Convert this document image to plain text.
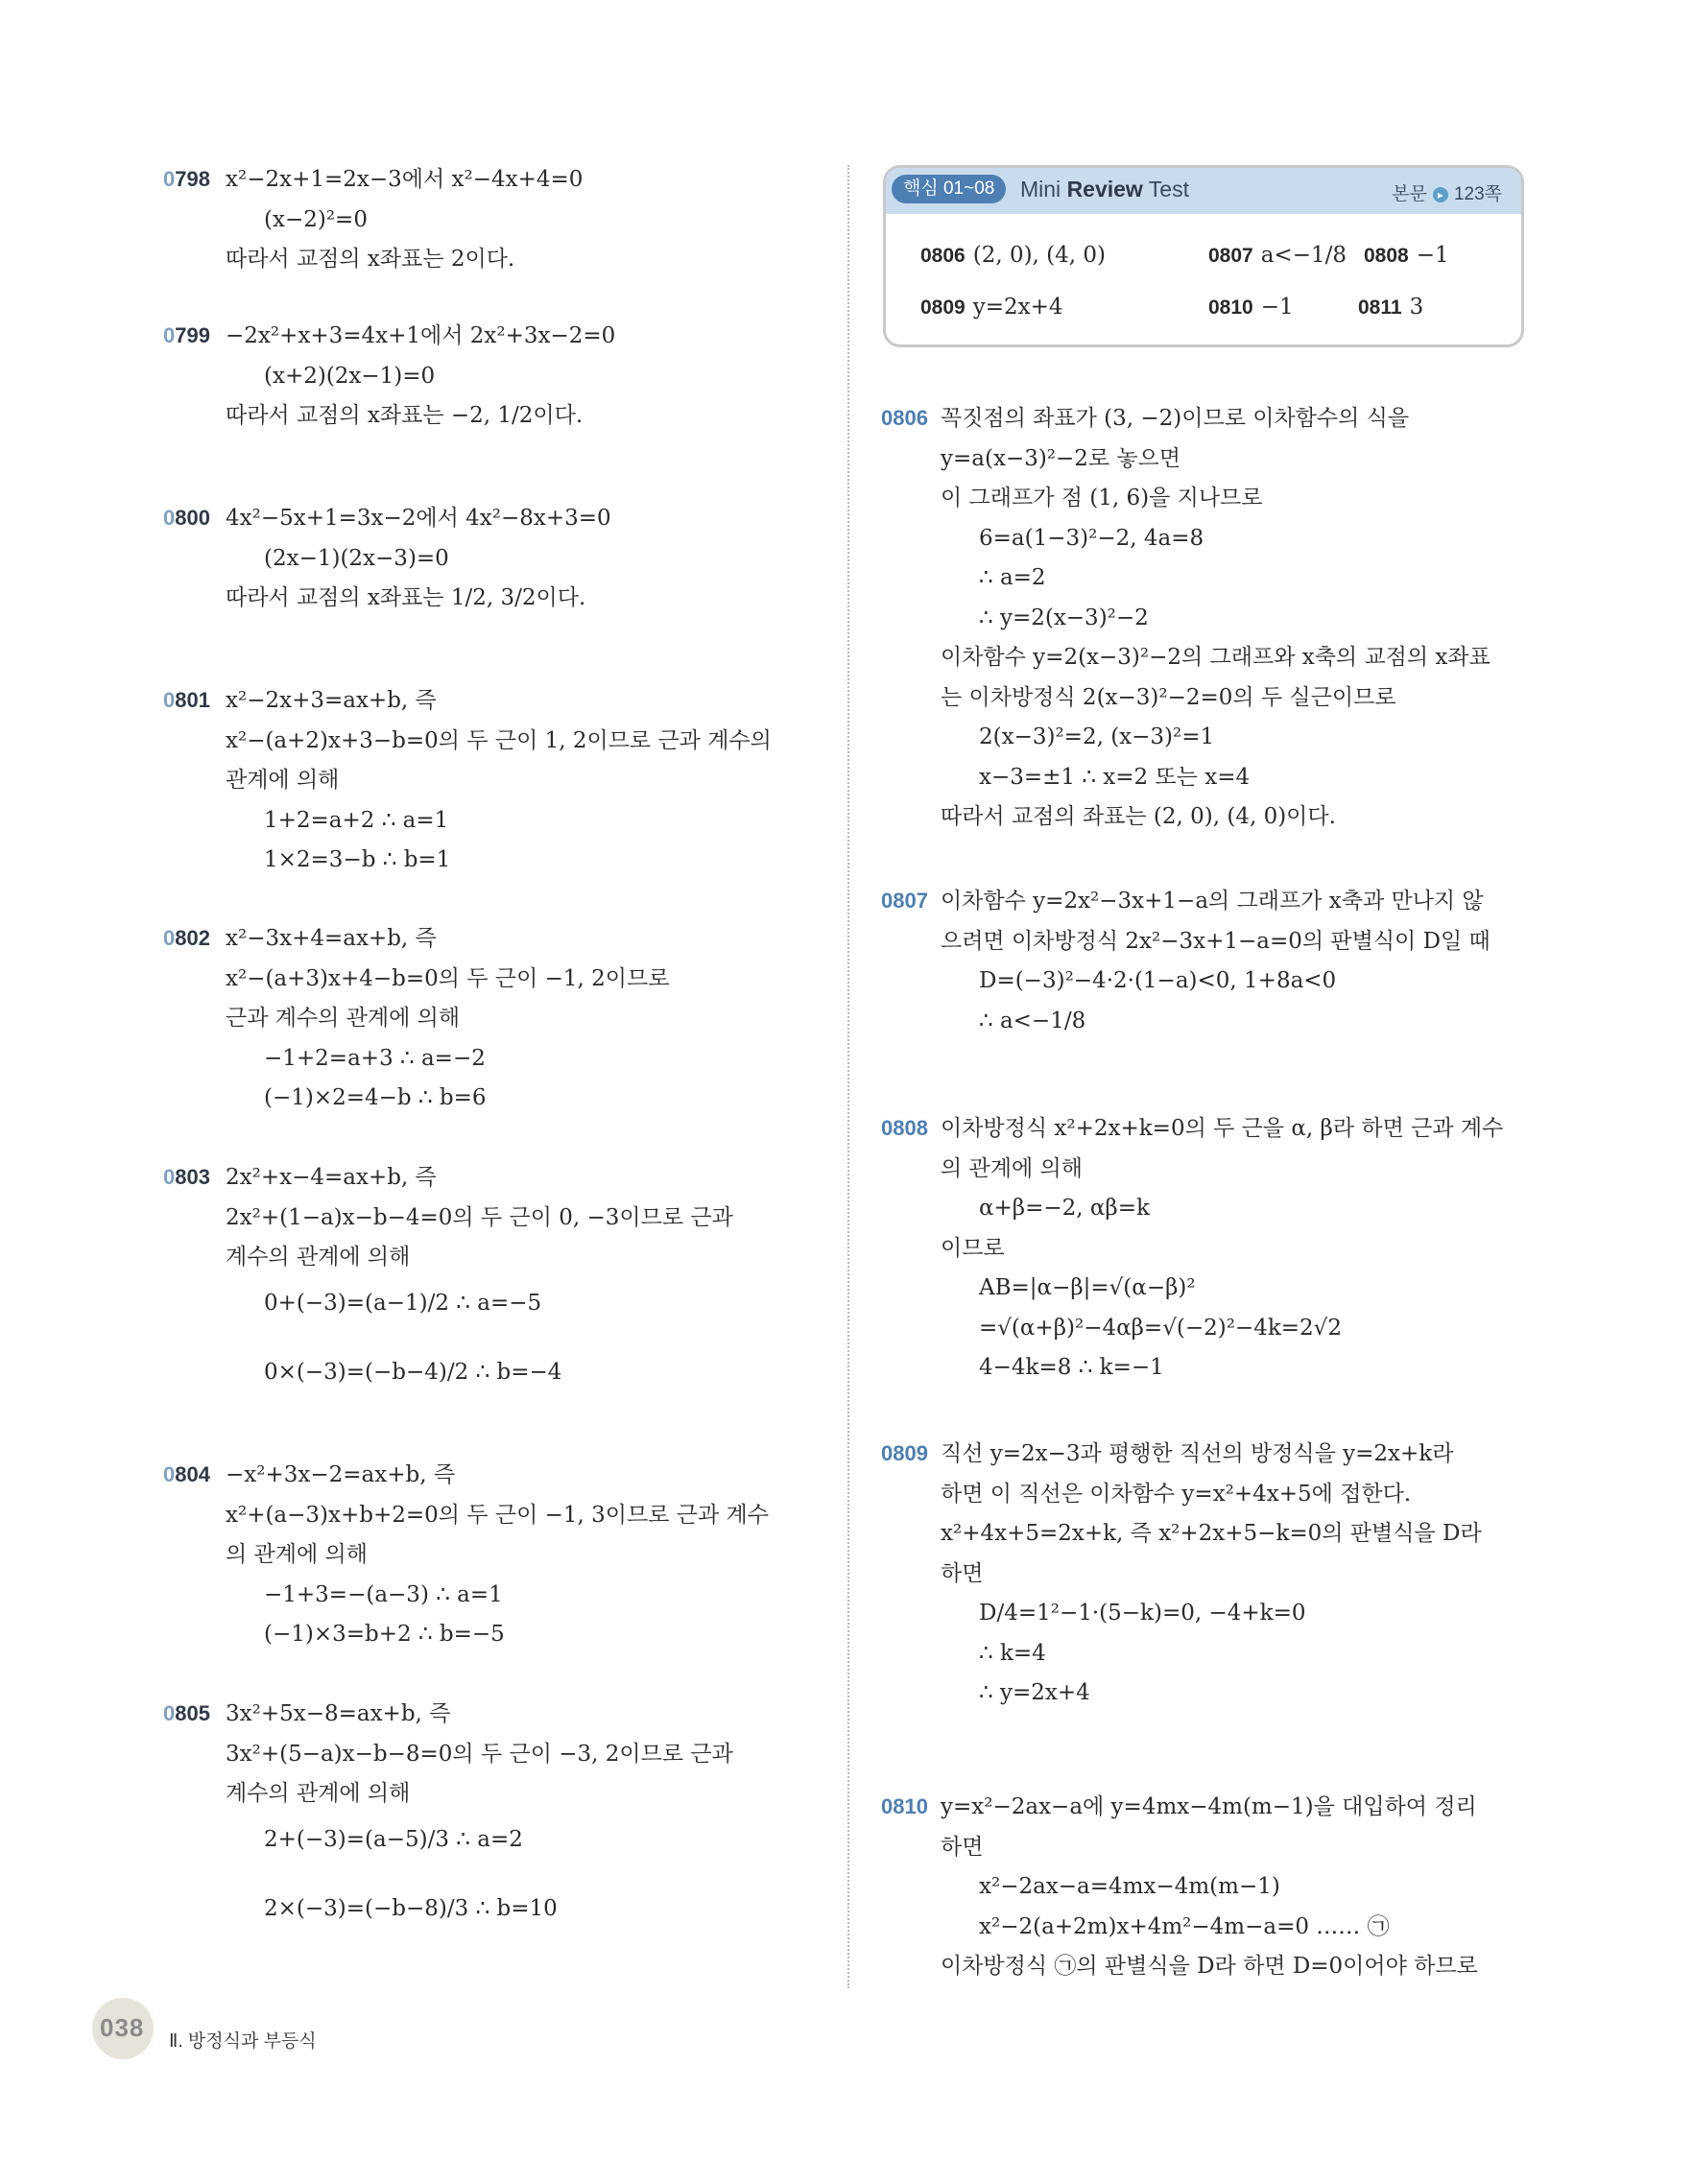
0798 x²−2x+1=2x−3에서 x²−4x+4=0
(x−2)²=0
따라서 교점의 x좌표는 2이다.
0799 −2x²+x+3=4x+1에서 2x²+3x−2=0
(x+2)(2x−1)=0
따라서 교점의 x좌표는 −2, 1/2이다.
0800 4x²−5x+1=3x−2에서 4x²−8x+3=0
(2x−1)(2x−3)=0
따라서 교점의 x좌표는 1/2, 3/2이다.
0801 x²−2x+3=ax+b, 즉
x²−(a+2)x+3−b=0의 두 근이 1, 2이므로 근과 계수의
관계에 의해
1+2=a+2 ∴ a=1
1×2=3−b ∴ b=1
0802 x²−3x+4=ax+b, 즉
x²−(a+3)x+4−b=0의 두 근이 −1, 2이므로
근과 계수의 관계에 의해
−1+2=a+3 ∴ a=−2
(−1)×2=4−b ∴ b=6
0803 2x²+x−4=ax+b, 즉
2x²+(1−a)x−b−4=0의 두 근이 0, −3이므로 근과
계수의 관계에 의해
0+(−3)=(a−1)/2 ∴ a=−5
0×(−3)=(−b−4)/2 ∴ b=−4
0804 −x²+3x−2=ax+b, 즉
x²+(a−3)x+b+2=0의 두 근이 −1, 3이므로 근과 계수
의 관계에 의해
−1+3=−(a−3) ∴ a=1
(−1)×3=b+2 ∴ b=−5
0805 3x²+5x−8=ax+b, 즉
3x²+(5−a)x−b−8=0의 두 근이 −3, 2이므로 근과
계수의 관계에 의해
2+(−3)=(a−5)/3 ∴ a=2
2×(−3)=(−b−8)/3 ∴ b=10
핵심 01~08	Mini Review Test	본문 ▸ 123쪽
0806 (2, 0), (4, 0)	0807 a<−1/8 0808 −1
0809 y=2x+4	0810 −1	0811 3
0806 꼭짓점의 좌표가 (3, −2)이므로 이차함수의 식을
y=a(x−3)²−2로 놓으면
이 그래프가 점 (1, 6)을 지나므로
6=a(1−3)²−2, 4a=8
∴ a=2
∴ y=2(x−3)²−2
이차함수 y=2(x−3)²−2의 그래프와 x축의 교점의 x좌표
는 이차방정식 2(x−3)²−2=0의 두 실근이므로
2(x−3)²=2, (x−3)²=1
x−3=±1 ∴ x=2 또는 x=4
따라서 교점의 좌표는 (2, 0), (4, 0)이다.
0807 이차함수 y=2x²−3x+1−a의 그래프가 x축과 만나지 않
으려면 이차방정식 2x²−3x+1−a=0의 판별식이 D일 때
D=(−3)²−4·2·(1−a)<0, 1+8a<0
∴ a<−1/8
0808 이차방정식 x²+2x+k=0의 두 근을 α, β라 하면 근과 계수
의 관계에 의해
α+β=−2, αβ=k
이므로
AB=|α−β|=√(α−β)²
=√(α+β)²−4αβ=√(−2)²−4k=2√2
4−4k=8 ∴ k=−1
0809 직선 y=2x−3과 평행한 직선의 방정식을 y=2x+k라
하면 이 직선은 이차함수 y=x²+4x+5에 접한다.
x²+4x+5=2x+k, 즉 x²+2x+5−k=0의 판별식을 D라
하면
D/4=1²−1·(5−k)=0, −4+k=0
∴ k=4
∴ y=2x+4
0810 y=x²−2ax−a에 y=4mx−4m(m−1)을 대입하여 정리
하면
x²−2ax−a=4mx−4m(m−1)
x²−2(a+2m)x+4m²−4m−a=0 …… ㉠
이차방정식 ㉠의 판별식을 D라 하면 D=0이어야 하므로
038 Ⅱ. 방정식과 부등식
